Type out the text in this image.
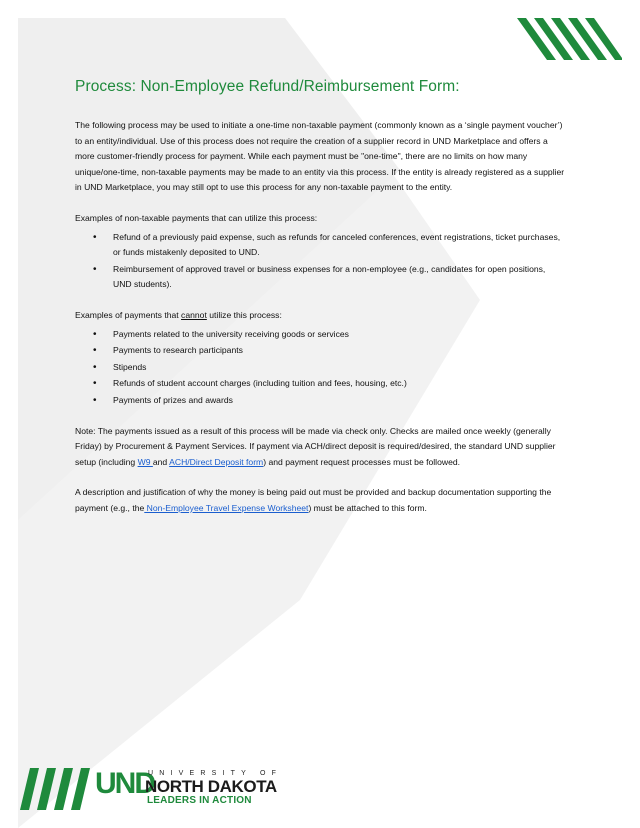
Process: Non-Employee Refund/Reimbursement Form:

The following process may be used to initiate a one-time non-taxable payment (commonly known as a ‘single payment voucher’) to an entity/individual. Use of this process does not require the creation of a supplier record in UND Marketplace and offers a more customer-friendly process for payment. While each payment must be "one-time", there are no limits on how many unique/one-time, non-taxable payments may be made to an entity via this process. If the entity is already registered as a supplier in UND Marketplace, you may still opt to use this process for any non-taxable payment to the entity.

Examples of non-taxable payments that can utilize this process:

• Refund of a previously paid expense, such as refunds for canceled conferences, event registrations, ticket purchases, or funds mistakenly deposited to UND.
• Reimbursement of approved travel or business expenses for a non-employee (e.g., candidates for open positions, UND students).

Examples of payments that cannot utilize this process:

• Payments related to the university receiving goods or services
• Payments to research participants
• Stipends
• Refunds of student account charges (including tuition and fees, housing, etc.)
• Payments of prizes and awards

Note: The payments issued as a result of this process will be made via check only. Checks are mailed once weekly (generally Friday) by Procurement & Payment Services. If payment via ACH/direct deposit is required/desired, the standard UND supplier setup (including W9 and ACH/Direct Deposit form) and payment request processes must be followed.

A description and justification of why the money is being paid out must be provided and backup documentation supporting the payment (e.g., the Non-Employee Travel Expense Worksheet) must be attached to this form.

UND
UNIVERSITY OF
NORTH DAKOTA
LEADERS IN ACTION
